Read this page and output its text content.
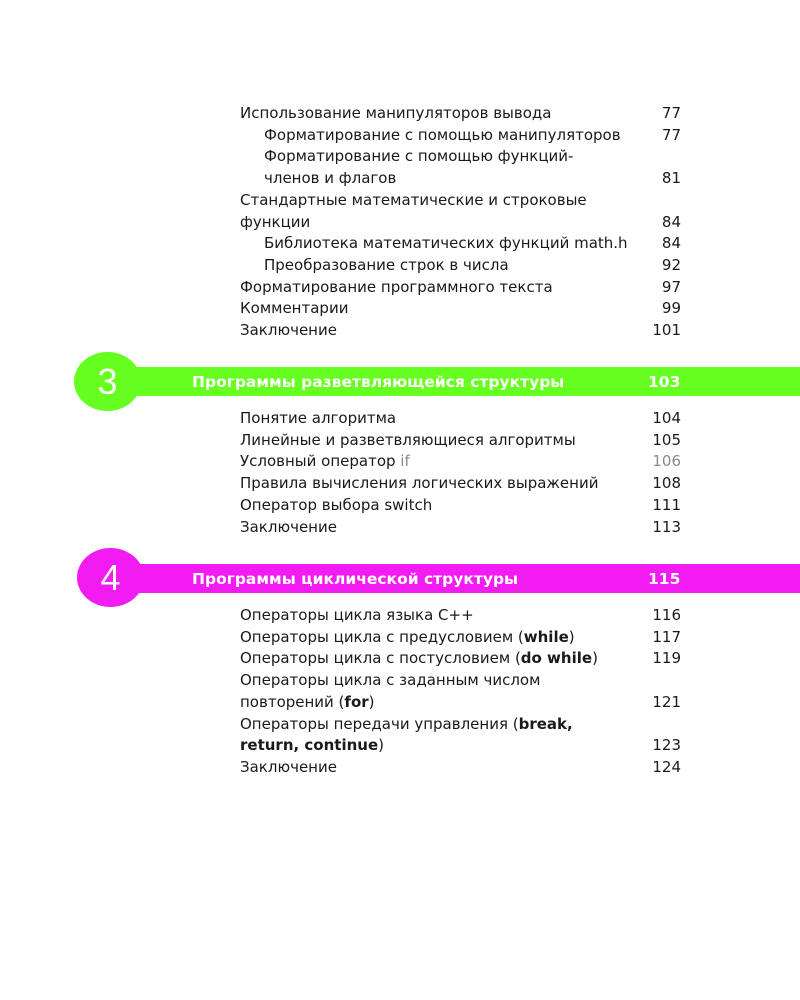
Использование манипуляторов вывода	77
Форматирование с помощью манипуляторов	77
Форматирование с помощью функций-
членов и флагов	81
Стандартные математические и строковые
функции	84
Библиотека математических функций math.h	84
Преобразование строк в числа	92
Форматирование программного текста	97
Комментарии	99
Заключение	101
Программы разветвляющейся структуры	103
3
Понятие алгоритма	104
Линейные и разветвляющиеся алгоритмы	105
Условный оператор if	106
Правила вычисления логических выражений	108
Оператор выбора switch	111
Заключение	113
Программы циклической структуры	115
4
Операторы цикла языка C++	116
Операторы цикла с предусловием (while)	117
Операторы цикла с постусловием (do while)	119
Операторы цикла с заданным числом
повторений (for)	121
Операторы передачи управления (break,
return, continue)	123
Заключение	124
